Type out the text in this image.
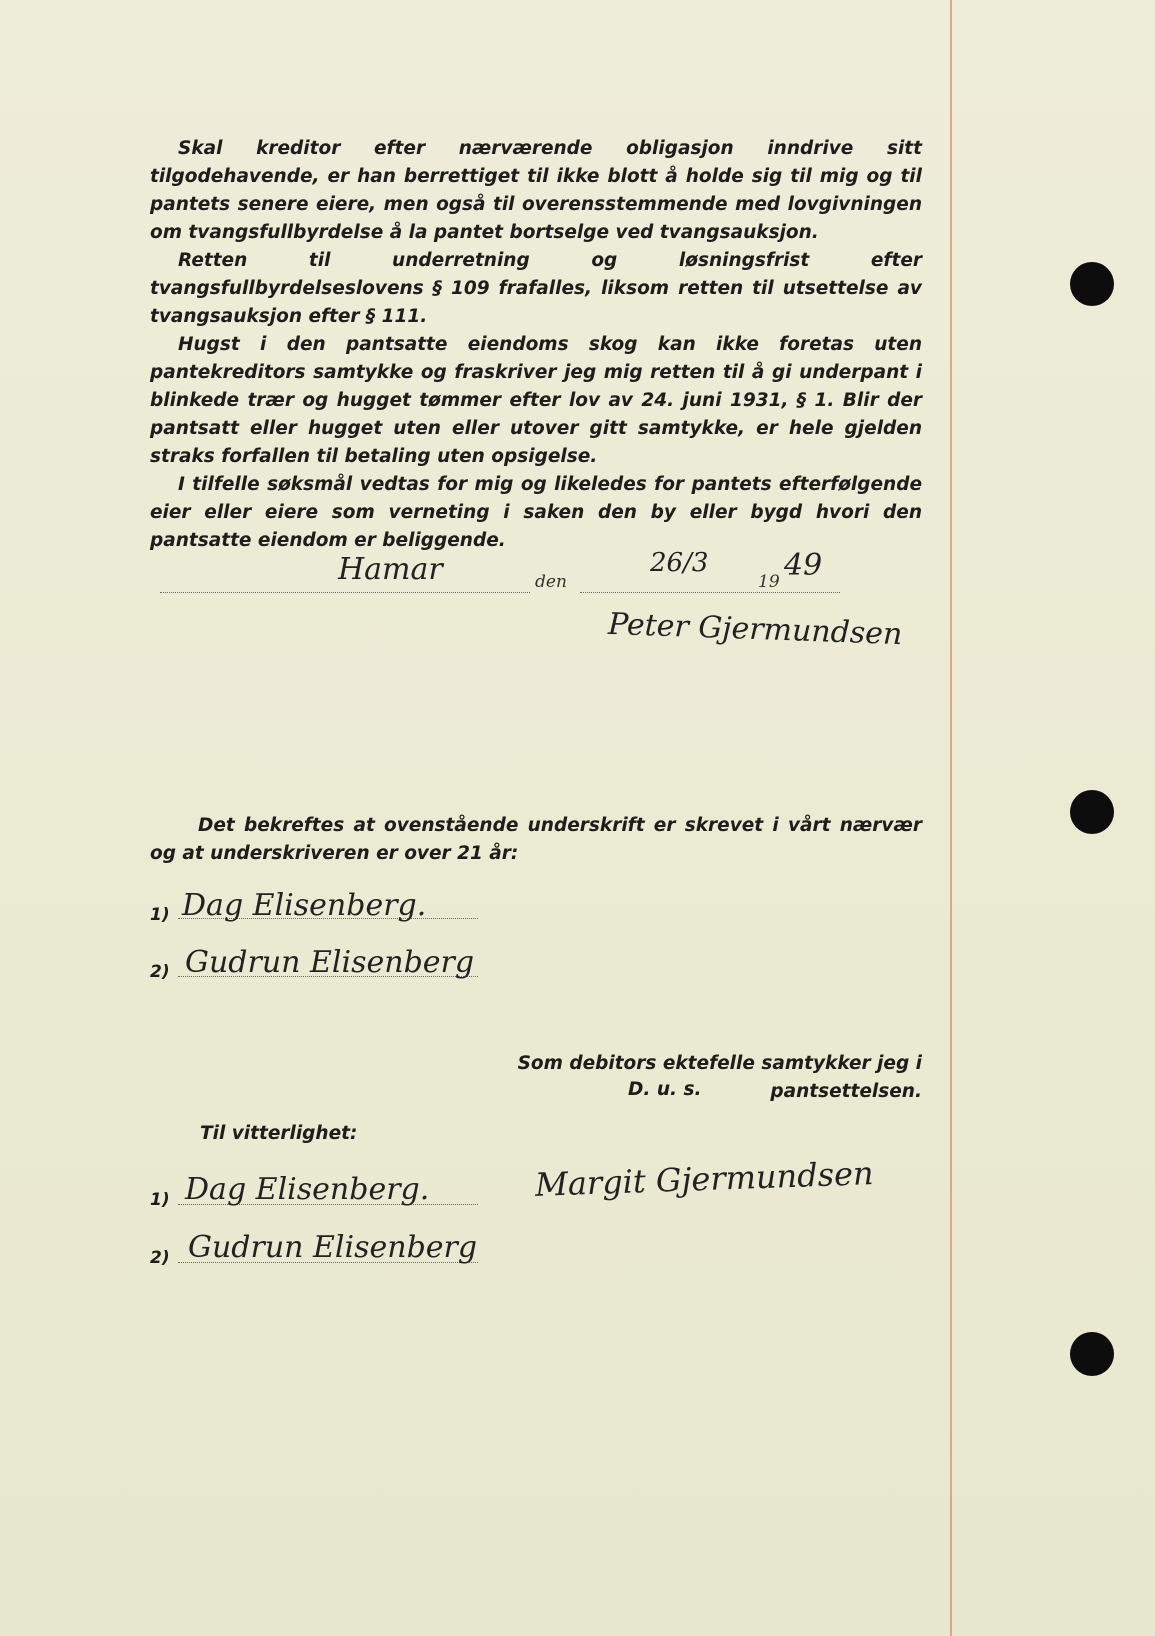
Skal kreditor efter nærværende obligasjon inndrive sitt tilgodehavende, er han berrettiget til ikke blott å holde sig til mig og til pantets senere eiere, men også til overensstemmende med lovgivningen om tvangsfullbyrdelse å la pantet bortselge ved tvangsauksjon.

Retten til underretning og løsningsfrist efter tvangsfullbyrdelseslovens § 109 frafalles, liksom retten til utsettelse av tvangsauksjon efter § 111.

Hugst i den pantsatte eiendoms skog kan ikke foretas uten pantekreditors samtykke og fraskriver jeg mig retten til å gi underpant i blinkede trær og hugget tømmer efter lov av 24. juni 1931, § 1. Blir der pantsatt eller hugget uten eller utover gitt samtykke, er hele gjelden straks forfallen til betaling uten opsigelse.

I tilfelle søksmål vedtas for mig og likeledes for pantets efterfølgende eier eller eiere som verneting i saken den by eller bygd hvori den pantsatte eiendom er beliggende.

Hamar	den
26/3
19 49
Peter Gjermundsen

Det bekreftes at ovenstående underskrift er skrevet i vårt nærvær og at underskriveren er over 21 år:

1) Dag Elisenberg.
2) Gudrun Elisenberg
Som debitors ektefelle samtykker jeg i pantsettelsen.
D. u. s.
Til vitterlighet:
Margit Gjermundsen
1) Dag Elisenberg.
2) Gudrun Elisenberg
